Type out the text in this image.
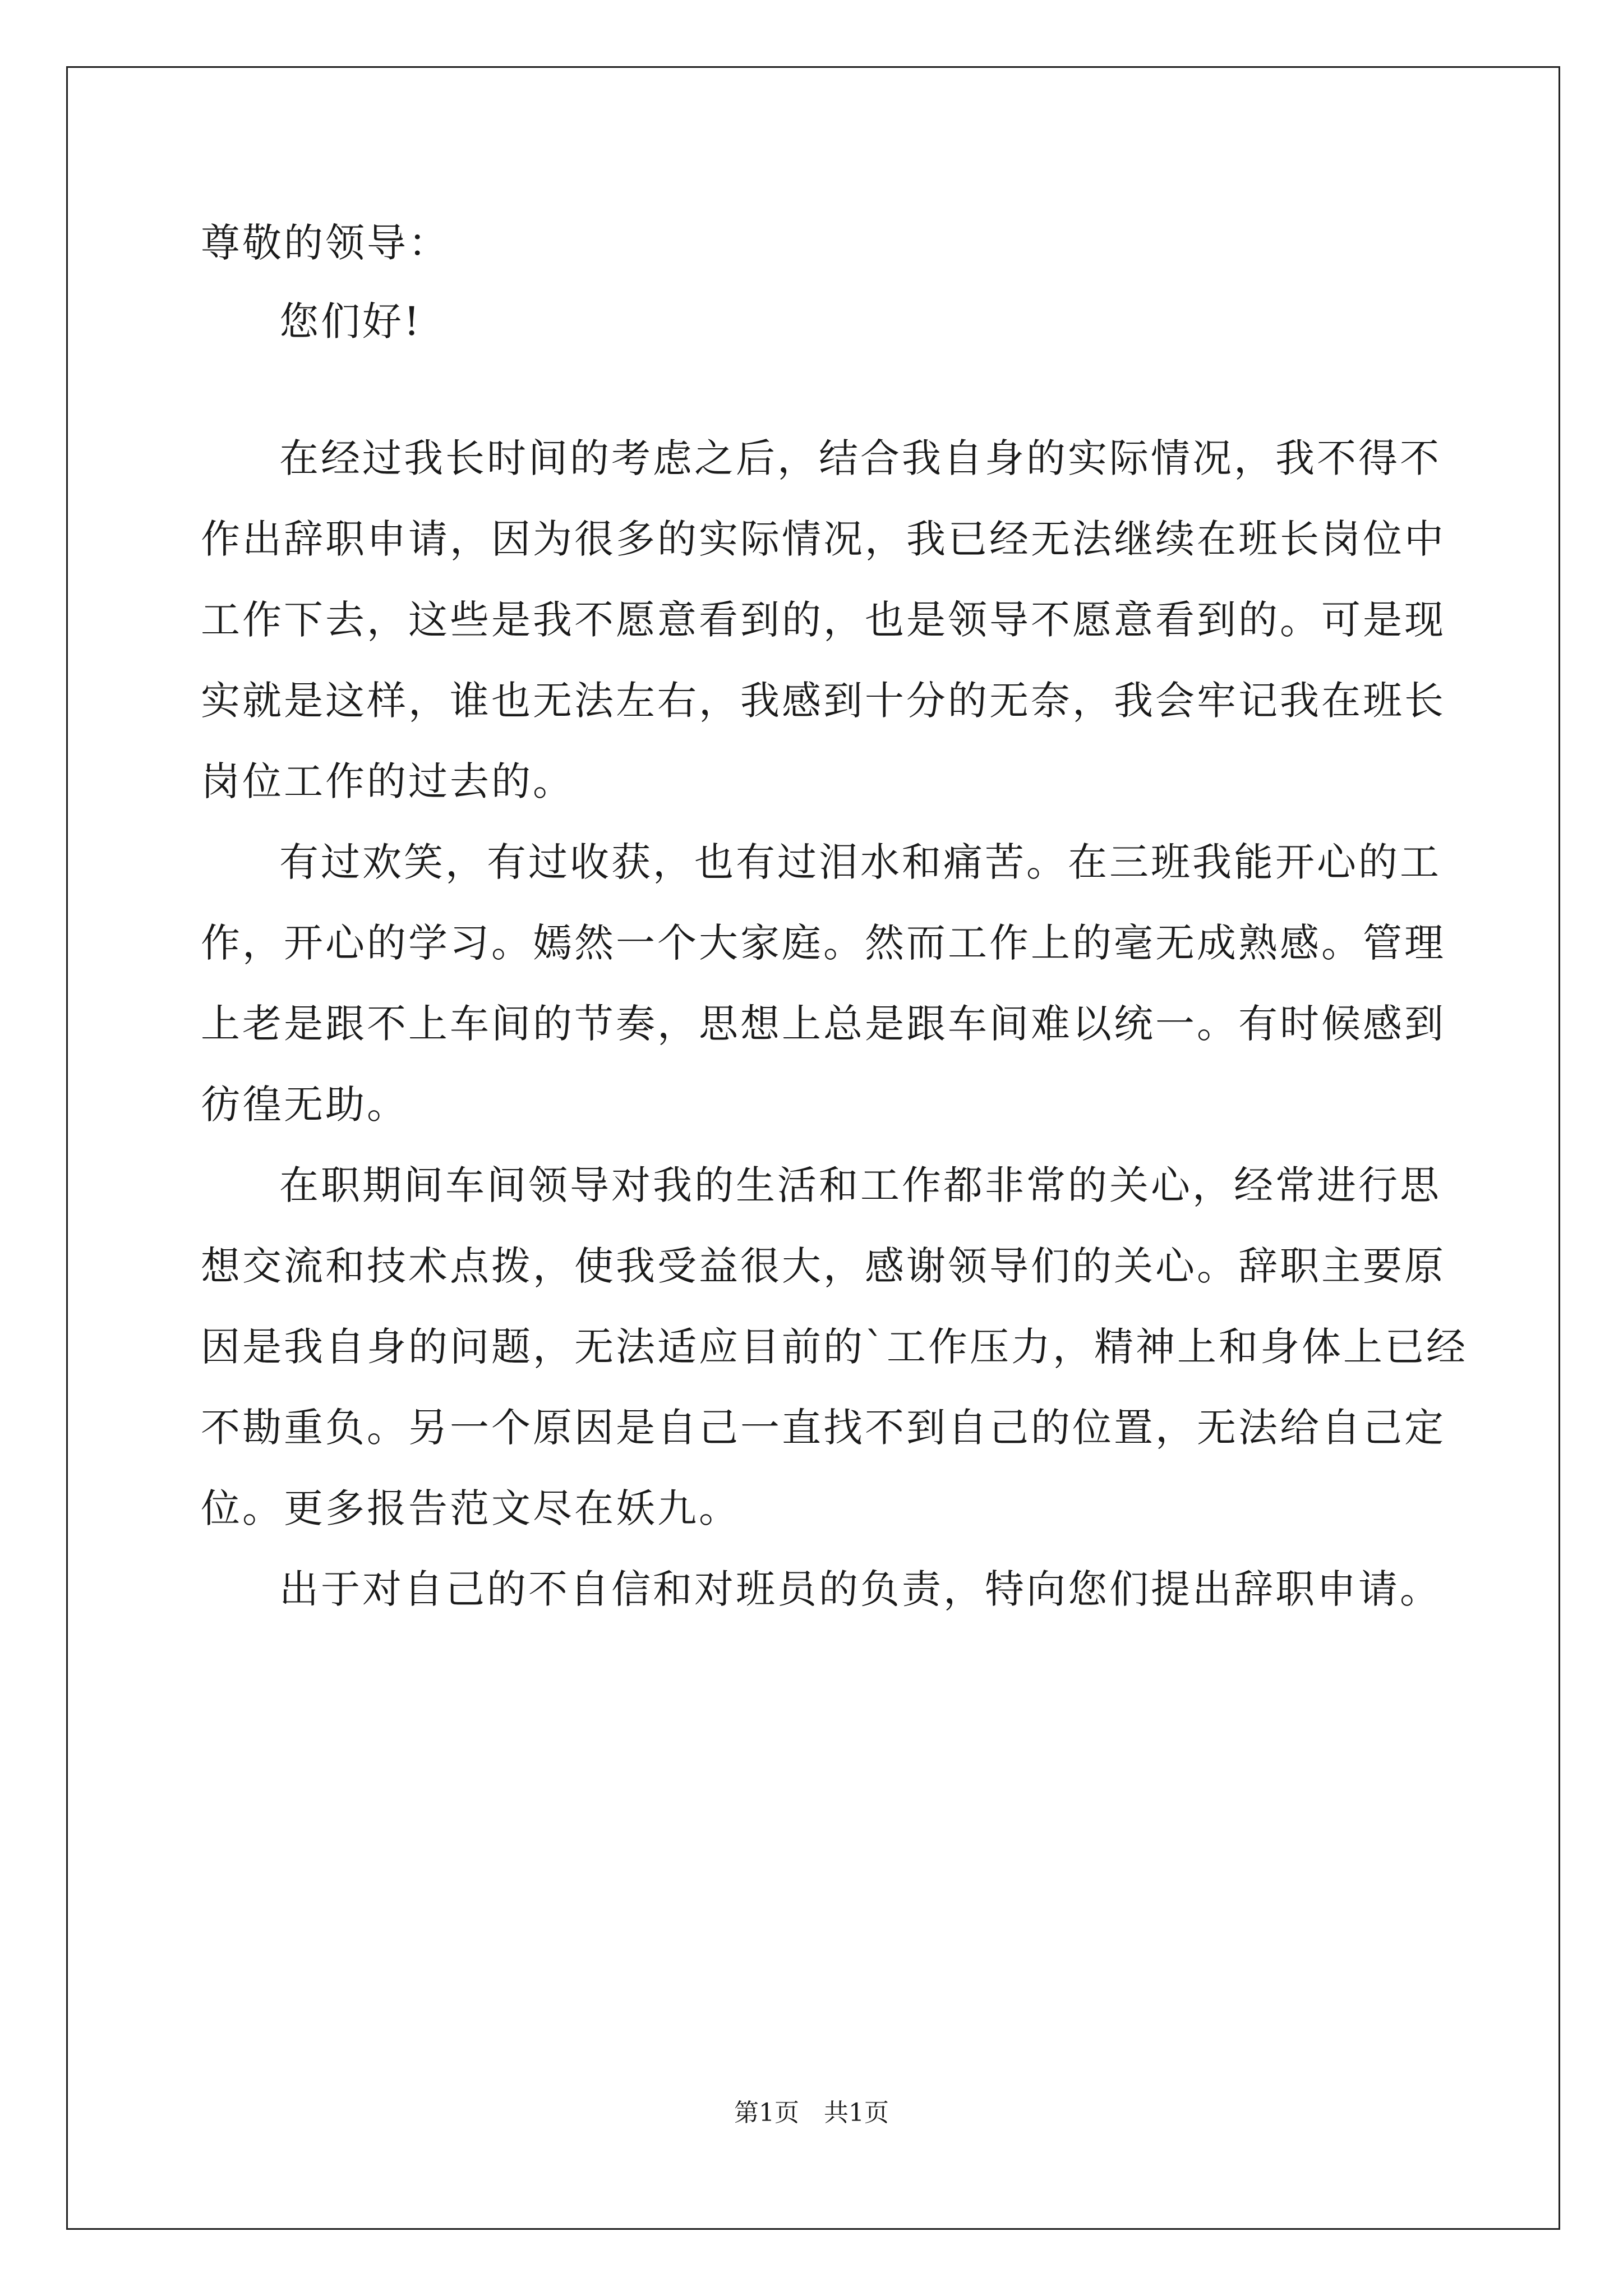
尊敬的领导：
您们好!
在经过我长时间的考虑之后，结合我自身的实际情况，我不得不
作出辞职申请，因为很多的实际情况，我已经无法继续在班长岗位中
工作下去，这些是我不愿意看到的，也是领导不愿意看到的。可是现
实就是这样，谁也无法左右，我感到十分的无奈，我会牢记我在班长
岗位工作的过去的。
有过欢笑，有过收获，也有过泪水和痛苦。在三班我能开心的工
作，开心的学习。嫣然一个大家庭。然而工作上的毫无成熟感。管理
上老是跟不上车间的节奏，思想上总是跟车间难以统一。有时候感到
彷徨无助。
在职期间车间领导对我的生活和工作都非常的关心，经常进行思
想交流和技术点拨，使我受益很大，感谢领导们的关心。辞职主要原
因是我自身的问题，无法适应目前的`工作压力，精神上和身体上已经
不勘重负。另一个原因是自己一直找不到自己的位置，无法给自己定
位。更多报告范文尽在妖九。
出于对自己的不自信和对班员的负责，特向您们提出辞职申请。
第1页　共1页
